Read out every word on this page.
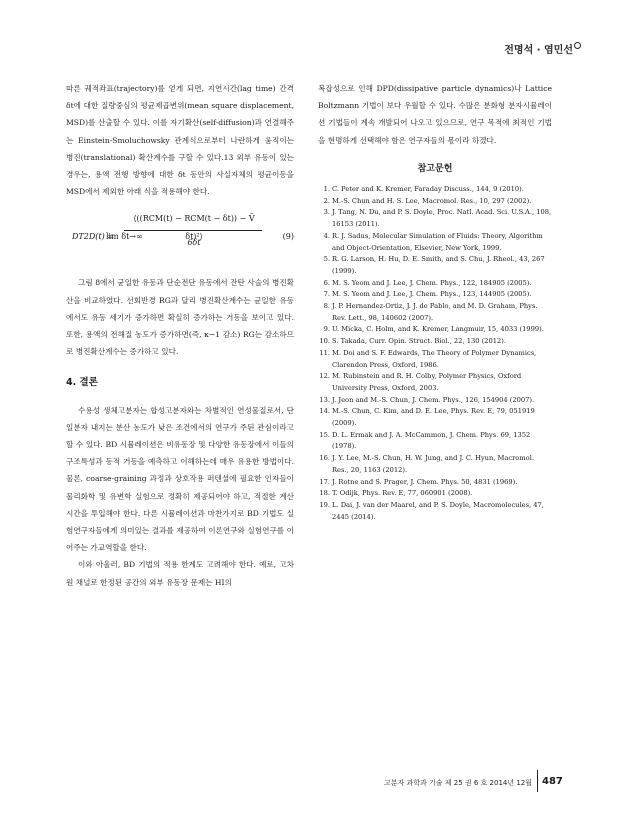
전명석 · 염민선

따른 궤적좌표(trajectory)를 얻게 되면, 지연시간(lag time) 간격 δt에 대한 질량중심의 평균제곱변위(mean square displacement, MSD)를 산출할 수 있다. 이를 자기확산(self-diffusion)과 연결해주는 Einstein-Smoluchowsky 관계식으로부터 나란하게 움직이는 병진(translational) 확산계수를 구할 수 있다.13 외부 유동이 있는 경우는, 용액 전행 방향에 대한 δt 동안의 사실자체의 평균이동을 MSD에서 제외한 아래 식을 적용해야 한다.

DT2D(t) =
lim δt→∞
⟨((RCM(t) − RCM(t − δt)) − V̄ δt)²⟩
6δt
(9)

그림 8에서 균일한 유동과 단순전단 유동에서 잔탄 사슬의 병진확산을 비교하였다. 선회반경 RG과 달리 병진확산계수는 균일한 유동에서도 유동 세기가 증가하면 확실히 증가하는 거동을 보이고 있다. 또한, 용액의 전해질 농도가 증가하면(즉, κ−1 감소) RG는 감소하므로 병진확산계수는 증가하고 있다.

4. 결론

수용성 생체고분자는 합성고분자와는 차별적인 연성물질로서, 단일분자 내지는 분산 농도가 낮은 조건에서의 연구가 주된 관심이라고 할 수 있다. BD 시뮬레이션은 비유동장 및 다양한 유동장에서 이들의 구조특성과 동적 거동을 예측하고 이해하는데 매우 유용한 방법이다. 물론, coarse-graining 과정과 상호작용 퍼텐셜에 필요한 인자들이 물리화학 및 유변학 실험으로 정확히 제공되어야 하고, 적절한 계산 시간을 투입해야 한다. 다른 시뮬레이션과 마찬가지로 BD 기법도 실험연구자들에게 의미있는 결과를 제공하여 이론연구와 실험연구를 이어주는 가교역할을 한다.

이와 아울러, BD 기법의 적용 한계도 고려해야 한다. 예로, 고차원 채널로 한정된 공간의 외부 유동장 문제는 HI의

복잡성으로 인해 DPD(dissipative particle dynamics)나 Lattice Boltzmann 기법이 보다 우월할 수 있다. 수많은 분화형 분자시뮬레이션 기법들이 계속 개발되어 나오고 있으므로, 연구 목적에 최적인 기법을 현명하게 선택해야 함은 연구자들의 몫이라 하겠다.

참고문헌
1. C. Peter and K. Kremer, Faraday Discuss., 144, 9 (2010).
2. M.-S. Chun and H. S. Lee, Macromol. Res., 10, 297 (2002).
3. J. Tang, N. Du, and P. S. Doyle, Proc. Natl. Acad. Sci. U.S.A., 108, 16153 (2011).
4. R. J. Sadus, Molecular Simulation of Fluids: Theory, Algorithm and Object-Orientation, Elsevier, New York, 1999.
5. R. G. Larson, H. Hu, D. E. Smith, and S. Chu, J. Rheol., 43, 267 (1999).
6. M. S. Yeom and J. Lee, J. Chem. Phys., 122, 184905 (2005).
7. M. S. Yeom and J. Lee, J. Chem. Phys., 123, 144905 (2005).
8. J. P. Hernandez-Ortiz, J. J. de Pablo, and M. D. Graham, Phys. Rev. Lett., 98, 140602 (2007).
9. U. Micka, C. Holm, and K. Kremer, Langmuir, 15, 4033 (1999).
10. S. Takada, Curr. Opin. Struct. Biol., 22, 130 (2012).
11. M. Doi and S. F. Edwards, The Theory of Polymer Dynamics, Clarendon Press, Oxford, 1986.
12. M. Rubinstein and R. H. Colby, Polymer Physics, Oxford University Press, Oxford, 2003.
13. J. Jeon and M.-S. Chun, J. Chem. Phys., 126, 154904 (2007).
14. M.-S. Chun, C. Kim, and D. E. Lee, Phys. Rev. E, 79, 051919 (2009).
15. D. L. Ermak and J. A. McCammon, J. Chem. Phys. 69, 1352 (1978).
16. J. Y. Lee, M.-S. Chun, H. W. Jung, and J. C. Hyun, Macromol. Res., 20, 1163 (2012).
17. J. Rotne and S. Prager, J. Chem. Phys. 50, 4831 (1969).
18. T. Odijk, Phys. Rev. E, 77, 060901 (2008).
19. L. Dai, J. van der Maarel, and P. S. Doyle, Macromolecules, 47, 2445 (2014).
고분자 과학과 기술 제 25 권 6 호 2014년 12월 487
